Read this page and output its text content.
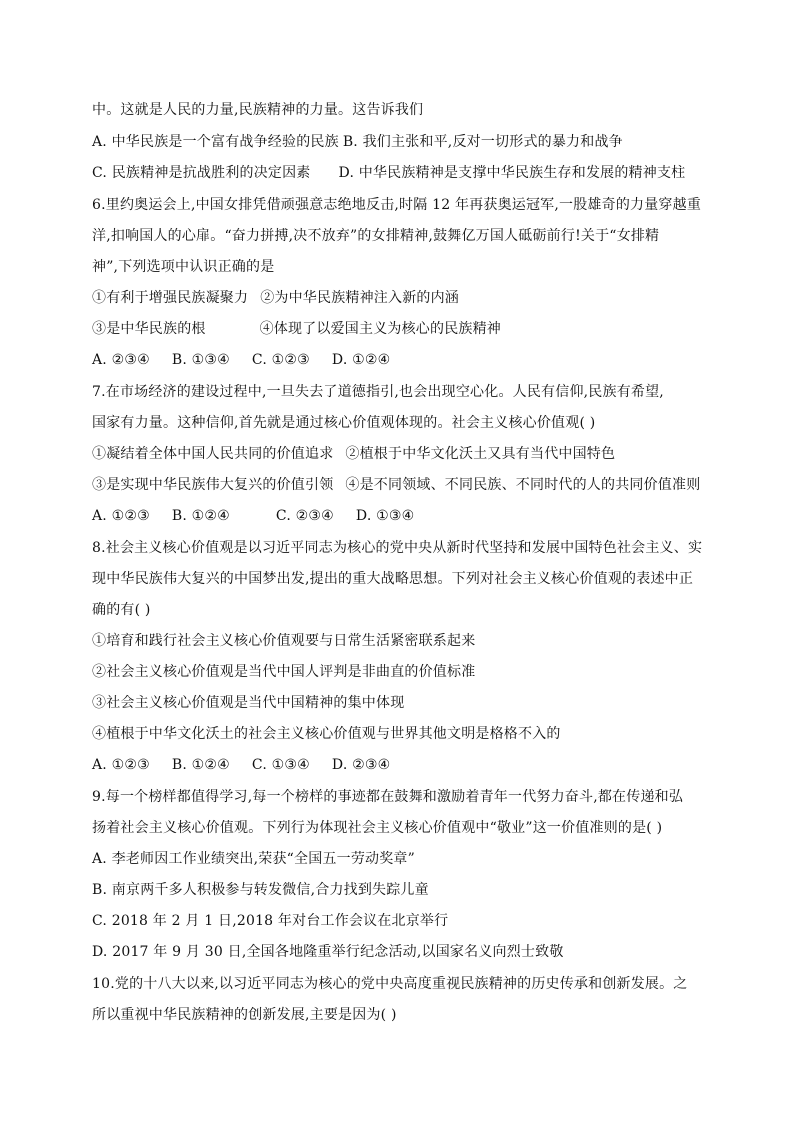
中。这就是人民的力量,民族精神的力量。这告诉我们
A. 中华民族是一个富有战争经验的民族 B. 我们主张和平,反对一切形式的暴力和战争
C. 民族精神是抗战胜利的决定因素 D. 中华民族精神是支撑中华民族生存和发展的精神支柱
6.里约奥运会上,中国女排凭借顽强意志绝地反击,时隔 12 年再获奥运冠军,一股雄奇的力量穿越重
洋,扣响国人的心扉。“奋力拼搏,决不放弃”的女排精神,鼓舞亿万国人砥砺前行!关于“女排精
神”,下列选项中认识正确的是
①有利于增强民族凝聚力 ②为中华民族精神注入新的内涵
③是中华民族的根	④体现了以爱国主义为核心的民族精神
A. ②③④ B. ①③④ C. ①②③ D. ①②④
7.在市场经济的建设过程中,一旦失去了道德指引,也会出现空心化。人民有信仰,民族有希望,
国家有力量。这种信仰,首先就是通过核心价值观体现的。社会主义核心价值观( )
①凝结着全体中国人民共同的价值追求 ②植根于中华文化沃土又具有当代中国特色
③是实现中华民族伟大复兴的价值引领 ④是不同领域、不同民族、不同时代的人的共同价值准则
A. ①②③ B. ①②④	C. ②③④ D. ①③④
8.社会主义核心价值观是以习近平同志为核心的党中央从新时代坚持和发展中国特色社会主义、实
现中华民族伟大复兴的中国梦出发,提出的重大战略思想。下列对社会主义核心价值观的表述中正
确的有( )
①培育和践行社会主义核心价值观要与日常生活紧密联系起来
②社会主义核心价值观是当代中国人评判是非曲直的价值标准
③社会主义核心价值观是当代中国精神的集中体现
④植根于中华文化沃土的社会主义核心价值观与世界其他文明是格格不入的
A. ①②③ B. ①②④ C. ①③④ D. ②③④
9.每一个榜样都值得学习,每一个榜样的事迹都在鼓舞和激励着青年一代努力奋斗,都在传递和弘
扬着社会主义核心价值观。下列行为体现社会主义核心价值观中“敬业”这一价值准则的是( )
A. 李老师因工作业绩突出,荣获“全国五一劳动奖章”
B. 南京两千多人积极参与转发微信,合力找到失踪儿童
C. 2018 年 2 月 1 日,2018 年对台工作会议在北京举行
D. 2017 年 9 月 30 日,全国各地隆重举行纪念活动,以国家名义向烈士致敬
10.党的十八大以来,以习近平同志为核心的党中央高度重视民族精神的历史传承和创新发展。之
所以重视中华民族精神的创新发展,主要是因为( )
